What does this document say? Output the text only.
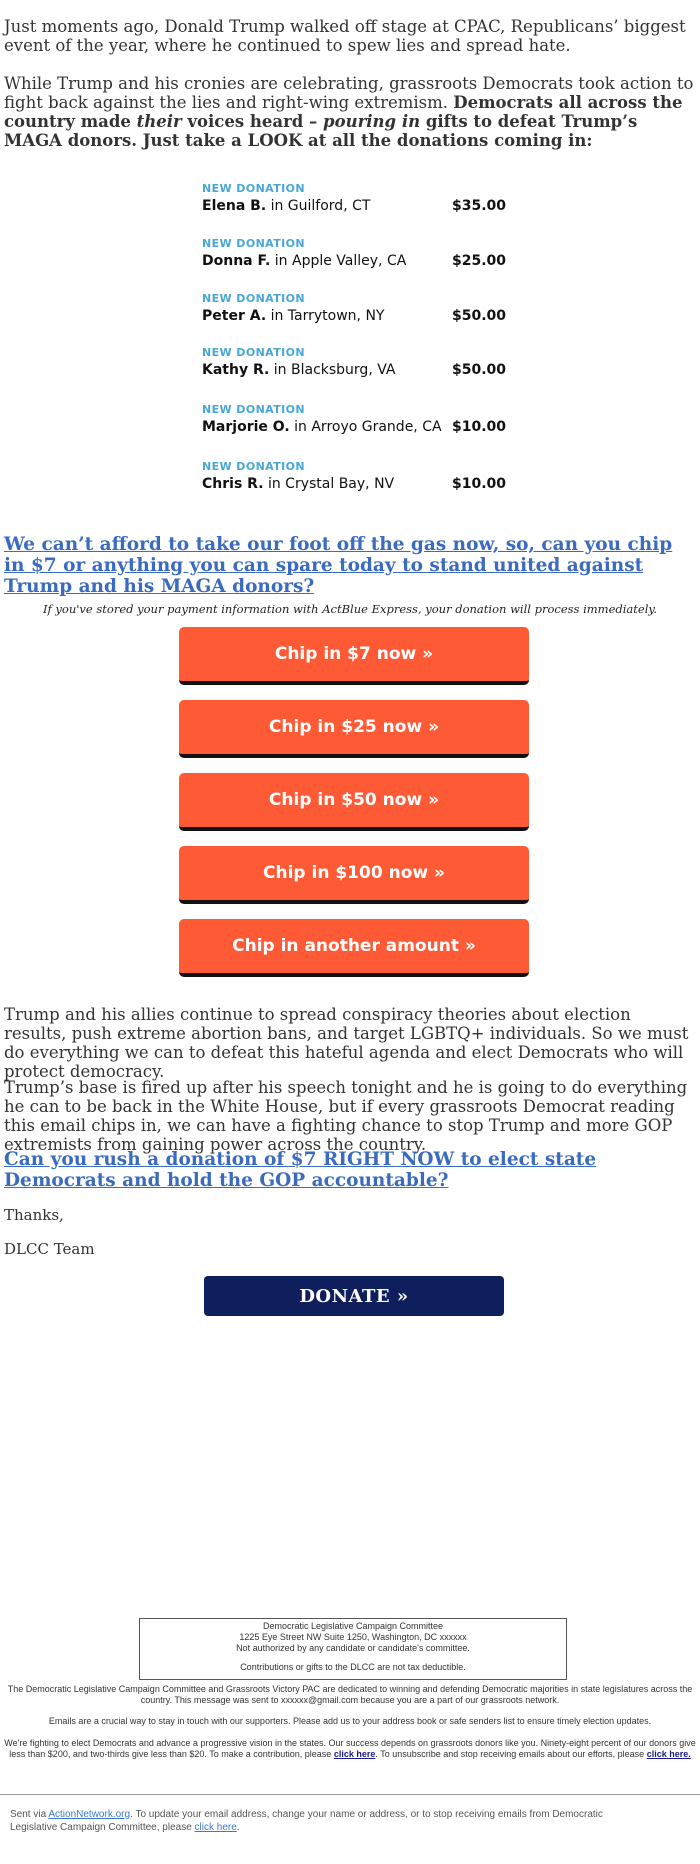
Just moments ago, Donald Trump walked off stage at CPAC, Republicans’ biggest event of the year, where he continued to spew lies and spread hate.

While Trump and his cronies are celebrating, grassroots Democrats took action to fight back against the lies and right-wing extremism. Democrats all across the country made their voices heard – pouring in gifts to defeat Trump’s MAGA donors. Just take a LOOK at all the donations coming in:

NEW DONATION
Elena B. in Guilford, CT	$35.00
NEW DONATION
Donna F. in Apple Valley, CA	$25.00
NEW DONATION
Peter A. in Tarrytown, NY	$50.00
NEW DONATION
Kathy R. in Blacksburg, VA	$50.00
NEW DONATION
Marjorie O. in Arroyo Grande, CA $10.00
NEW DONATION
Chris R. in Crystal Bay, NV	$10.00
We can’t afford to take our foot off the gas now, so, can you chip in $7 or anything you can spare today to stand united against Trump and his MAGA donors?
If you've stored your payment information with ActBlue Express, your donation will process immediately.
Chip in $7 now »
Chip in $25 now »
Chip in $50 now »
Chip in $100 now »
Chip in another amount »

Trump and his allies continue to spread conspiracy theories about election results, push extreme abortion bans, and target LGBTQ+ individuals. So we must do everything we can to defeat this hateful agenda and elect Democrats who will protect democracy.

Trump’s base is fired up after his speech tonight and he is going to do everything he can to be back in the White House, but if every grassroots Democrat reading this email chips in, we can have a fighting chance to stop Trump and more GOP extremists from gaining power across the country.

Can you rush a donation of $7 RIGHT NOW to elect state Democrats and hold the GOP accountable?
Thanks,
DLCC Team
DONATE »
Democratic Legislative Campaign Committee
1225 Eye Street NW Suite 1250, Washington, DC xxxxxx
Not authorized by any candidate or candidate's committee.
Contributions or gifts to the DLCC are not tax deductible.
The Democratic Legislative Campaign Committee and Grassroots Victory PAC are dedicated to winning and defending Democratic majorities in state legislatures across the country. This message was sent to xxxxxx@gmail.com because you are a part of our grassroots network.
Emails are a crucial way to stay in touch with our supporters. Please add us to your address book or safe senders list to ensure timely election updates.
We're fighting to elect Democrats and advance a progressive vision in the states. Our success depends on grassroots donors like you. Ninety-eight percent of our donors give less than $200, and two-thirds give less than $20. To make a contribution, please click here. To unsubscribe and stop receiving emails about our efforts, please click here.
Sent via ActionNetwork.org. To update your email address, change your name or address, or to stop receiving emails from Democratic Legislative Campaign Committee, please click here.
